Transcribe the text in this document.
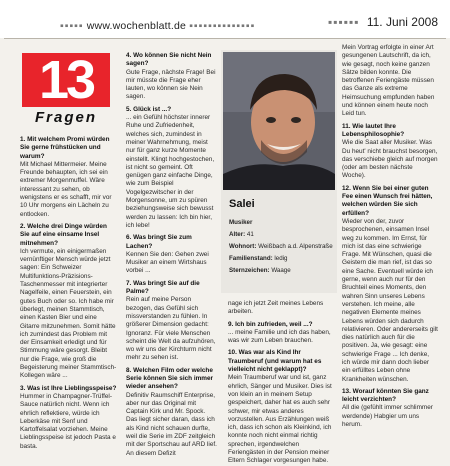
▪▪▪▪▪ www.wochenblatt.de ▪▪▪▪▪▪▪▪▪▪▪▪▪▪	▪▪▪▪▪▪ 11. Juni 2008
13
Fragen
Salei
Musiker
Alter: 41
Wohnort: Weißbach a.d. Alpenstraße
Familienstand: ledig
Sternzeichen: Waage

1. Mit welchem Promi würden Sie gerne frühstücken und warum?

Mit Michael Mittermeier. Meine Freunde behaupten, ich sei ein extremer Morgenmuffel. Wäre interessant zu sehen, ob wenigstens er es schafft, mir vor 10 Uhr morgens ein Lächeln zu entlocken.

2. Welche drei Dinge würden Sie auf eine einsame Insel mitnehmen?

Ich vermute, ein einigermaßen vernünftiger Mensch würde jetzt sagen: Ein Schweizer Multifunktions-Präzisions-Taschenmesser mit integrierter Nagelfeile, einen Feuerstein, ein gutes Buch oder so. Ich habe mir überlegt, meinen Stammtisch, einen Kasten Bier und eine Gitarre mitzunehmen. Somit hätte ich zumindest das Problem mit der Einsamkeit erledigt und für Stimmung wäre gesorgt. Bleibt nur die Frage, wie groß die Begeisterung meiner Stammtisch-Kollegen wäre ...

3. Was ist Ihre Lieblingsspeise?

Hummer in Champagner-Trüffel-Sauce natürlich nicht. Wenn ich ehrlich reflektiere, würde ich Leberkäse mit Senf und Kartoffelsalat vorziehen. Meine Lieblingsspeise ist jedoch Pasta e basta.

4. Wo können Sie nicht Nein sagen?

Gute Frage, nächste Frage! Bei mir müsste die Frage eher lauten, wo können sie Nein sagen.

5. Glück ist ...?

... ein Gefühl höchster innerer Ruhe und Zufriedenheit, welches sich, zumindest in meiner Wahrnehmung, meist nur für ganz kurze Momente einstellt. Klingt hochgestochen, ist nicht so gemeint. Oft genügen ganz einfache Dinge, wie zum Beispiel Vogelgezwitscher in der Morgensonne, um zu spüren beziehungsweise sich bewusst werden zu lassen: Ich bin hier, ich lebe!

6. Was bringt Sie zum Lachen?

Kennen Sie den: Gehen zwei Musiker an einem Wirtshaus vorbei ...

7. Was bringt Sie auf die Palme?

Rein auf meine Person bezogen, das Gefühl sich missverstanden zu fühlen. In größerer Dimension gedacht: Ignoranz. Für viele Menschen scheint die Welt da aufzuhören, wo wir uns der Kirchturm nicht mehr zu sehen ist.

8. Welchen Film oder welche Serie können Sie sich immer wieder ansehen?

Definitiv Raumschiff Enterprise, aber nur das Original mit Captain Kirk und Mr. Spock. Das liegt sicher daran, dass ich als Kind nicht schauen durfte, weil die Serie im ZDF zeitgleich mit der Sportschau auf ARD lief. An diesem Defizit

nage ich jetzt Zeit meines Lebens arbeiten.

9. Ich bin zufrieden, weil ...?

... meine Familie und ich das haben, was wir zum Leben brauchen.

10. Was war als Kind Ihr Traumberuf (und warum hat es vielleicht nicht geklappt)?

Mein Traumberuf war und ist, ganz ehrlich, Sänger und Musiker. Dies ist von klein an in meinem Setup gespeichert, daher hat es auch sehr schwer, mir etwas anderes vorzustellen. Aus Erzählungen weiß ich, dass ich schon als Kleinkind, ich konnte noch nicht einmal richtig sprechen, irgendwelchen Feriengästen in der Pension meiner Eltern Schlager vorgesungen habe.

Mein Vortrag erfolgte in einer Art gesungenen Lautschrift, da ich, wie gesagt, noch keine ganzen Sätze bilden konnte. Die betroffenen Feriengäste müssen das Ganze als extreme Heimsuchung empfunden haben und können einem heute noch Leid tun.

11. Wie lautet Ihre Lebensphilosophie?

Wie die Saat aller Musiker. Was Du heut' nicht brauchst besorgen, das verschiebe gleich auf morgen (oder am besten nächste Woche).

12. Wenn Sie bei einer guten Fee einen Wunsch frei hätten, welchen würden Sie sich erfüllen?

Wieder von der, zuvor besprochenen, einsamen Insel weg zu kommen. Im Ernst, für mich ist das eine schwierige Frage. Mit Wünschen, quasi die Geistern die man rief, ist das so eine Sache. Eventuell würde ich gerne, wenn auch nur für den Bruchteil eines Moments, den wahren Sinn unseres Lebens verstehen. Ich meine, alle negativen Elemente meines Lebens würden sich dadurch relativieren. Oder andererseits gilt dies natürlich auch für die positiven. Ja, wie gesagt: eine schwierige Frage ... Ich denke, ich würde mir dann doch lieber ein erfülltes Leben ohne Krankheiten wünschen.

13. Worauf könnten Sie ganz leicht verzichten?

All die (gefühlt immer schlimmer werdende) Habgier um uns herum.
